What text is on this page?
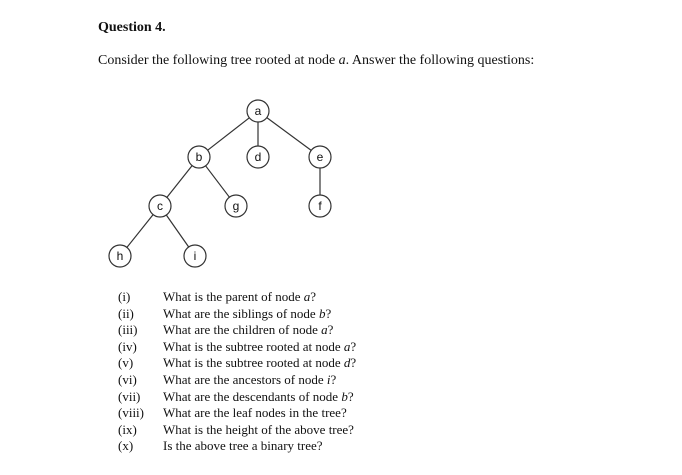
Question 4.
Consider the following tree rooted at node a. Answer the following questions:
a
b	d	e
c	g	f
h	i
(i)	What is the parent of node a?
(ii)	What are the siblings of node b?
(iii)	What are the children of node a?
(iv)	What is the subtree rooted at node a?
(v)	What is the subtree rooted at node d?
(vi)	What are the ancestors of node i?
(vii)	What are the descendants of node b?
(viii)	What are the leaf nodes in the tree?
(ix)	What is the height of the above tree?
(x)	Is the above tree a binary tree?
